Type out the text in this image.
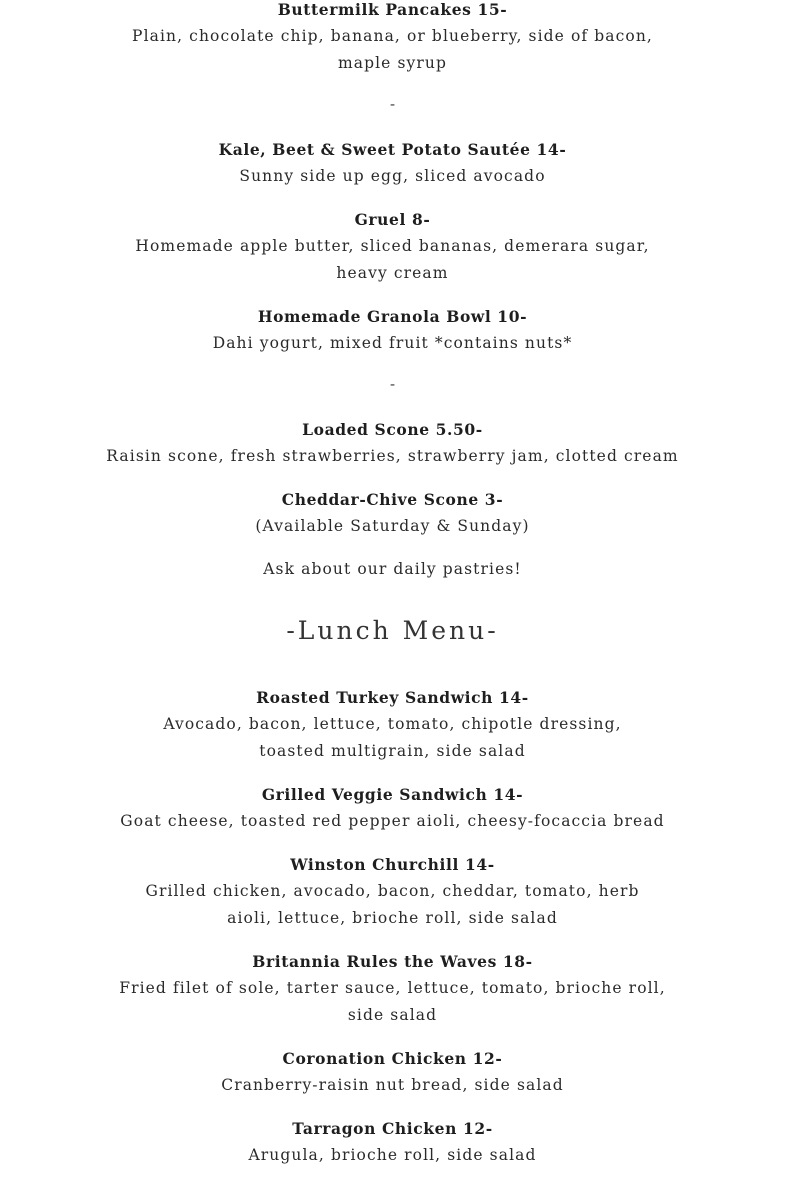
Buttermilk Pancakes 15-

Plain, chocolate chip, banana, or blueberry, side of bacon, maple syrup

-

Kale, Beet & Sweet Potato Sautée 14-

Sunny side up egg, sliced avocado

Gruel 8-

Homemade apple butter, sliced bananas, demerara sugar, heavy cream

Homemade Granola Bowl 10-

Dahi yogurt, mixed fruit *contains nuts*

-

Loaded Scone 5.50-

Raisin scone, fresh strawberries, strawberry jam, clotted cream

Cheddar-Chive Scone 3-

(Available Saturday & Sunday)

Ask about our daily pastries!

-Lunch Menu-

Roasted Turkey Sandwich 14-

Avocado, bacon, lettuce, tomato, chipotle dressing, toasted multigrain, side salad

Grilled Veggie Sandwich 14-

Goat cheese, toasted red pepper aioli, cheesy-focaccia bread

Winston Churchill 14-

Grilled chicken, avocado, bacon, cheddar, tomato, herb aioli, lettuce, brioche roll, side salad

Britannia Rules the Waves 18-

Fried filet of sole, tarter sauce, lettuce, tomato, brioche roll, side salad

Coronation Chicken 12-

Cranberry-raisin nut bread, side salad

Tarragon Chicken 12-

Arugula, brioche roll, side salad
